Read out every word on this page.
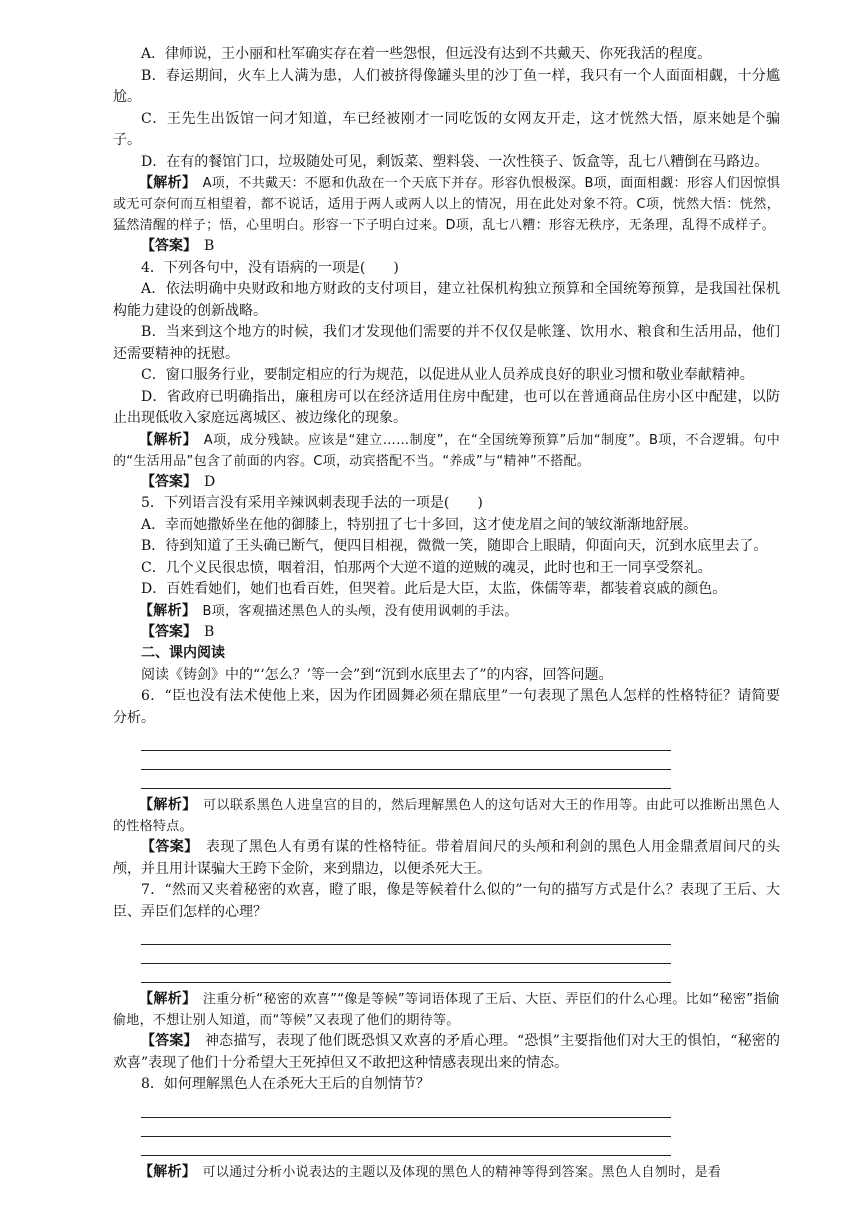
A．律师说，王小丽和杜军确实存在着一些怨恨，但远没有达到不共戴天、你死我活的程度。

B．春运期间，火车上人满为患，人们被挤得像罐头里的沙丁鱼一样，我只有一个人面面相觑，十分尴尬。

C．王先生出饭馆一问才知道，车已经被刚才一同吃饭的女网友开走，这才恍然大悟，原来她是个骗子。

D．在有的餐馆门口，垃圾随处可见，剩饭菜、塑料袋、一次性筷子、饭盒等，乱七八糟倒在马路边。

【解析】　 A项，不共戴天：不愿和仇敌在一个天底下并存。形容仇恨极深。B项，面面相觑：形容人们因惊惧或无可奈何而互相望着，都不说话，适用于两人或两人以上的情况，用在此处对象不符。C项，恍然大悟：恍然，猛然清醒的样子；悟，心里明白。形容一下子明白过来。D项，乱七八糟：形容无秩序，无条理，乱得不成样子。

【答案】　 B

4．下列各句中，没有语病的一项是(　　)

A．依法明确中央财政和地方财政的支付项目，建立社保机构独立预算和全国统筹预算，是我国社保机构能力建设的创新战略。

B．当来到这个地方的时候，我们才发现他们需要的并不仅仅是帐篷、饮用水、粮食和生活用品，他们还需要精神的抚慰。

C．窗口服务行业，要制定相应的行为规范，以促进从业人员养成良好的职业习惯和敬业奉献精神。

D．省政府已明确指出，廉租房可以在经济适用住房中配建，也可以在普通商品住房小区中配建，以防止出现低收入家庭远离城区、被边缘化的现象。

【解析】　 A项，成分残缺。应该是“建立……制度”，在“全国统筹预算”后加“制度”。B项，不合逻辑。句中的“生活用品”包含了前面的内容。C项，动宾搭配不当。“养成”与“精神”不搭配。

【答案】　 D

5．下列语言没有采用辛辣讽刺表现手法的一项是(　　)

A．幸而她撒娇坐在他的御膝上，特别扭了七十多回，这才使龙眉之间的皱纹渐渐地舒展。

B．待到知道了王头确已断气，便四目相视，微微一笑，随即合上眼睛，仰面向天，沉到水底里去了。

C．几个义民很忠愤，咽着泪，怕那两个大逆不道的逆贼的魂灵，此时也和王一同享受祭礼。

D．百姓看她们，她们也看百姓，但哭着。此后是大臣，太监，侏儒等辈，都装着哀戚的颜色。

【解析】　 B项，客观描述黑色人的头颅，没有使用讽刺的手法。

【答案】　 B

二、课内阅读

阅读《铸剑》中的“‘怎么？’等一会”到“沉到水底里去了”的内容，回答问题。

6．“臣也没有法术使他上来，因为作团圆舞必须在鼎底里”一句表现了黑色人怎样的性格特征？请简要分析。

【解析】　 可以联系黑色人进皇宫的目的，然后理解黑色人的这句话对大王的作用等。由此可以推断出黑色人的性格特点。

【答案】　 表现了黑色人有勇有谋的性格特征。带着眉间尺的头颅和利剑的黑色人用金鼎煮眉间尺的头颅，并且用计谋骗大王跨下金阶，来到鼎边，以便杀死大王。

7．“然而又夹着秘密的欢喜，瞪了眼，像是等候着什么似的”一句的描写方式是什么？表现了王后、大臣、弄臣们怎样的心理？

【解析】　 注重分析“秘密的欢喜”“像是等候”等词语体现了王后、大臣、弄臣们的什么心理。比如“秘密”指偷偷地，不想让别人知道，而“等候”又表现了他们的期待等。

【答案】　 神态描写，表现了他们既恐惧又欢喜的矛盾心理。“恐惧”主要指他们对大王的惧怕，“秘密的欢喜”表现了他们十分希望大王死掉但又不敢把这种情感表现出来的情态。

8．如何理解黑色人在杀死大王后的自刎情节？

【解析】　 可以通过分析小说表达的主题以及体现的黑色人的精神等得到答案。黑色人自刎时，是看
